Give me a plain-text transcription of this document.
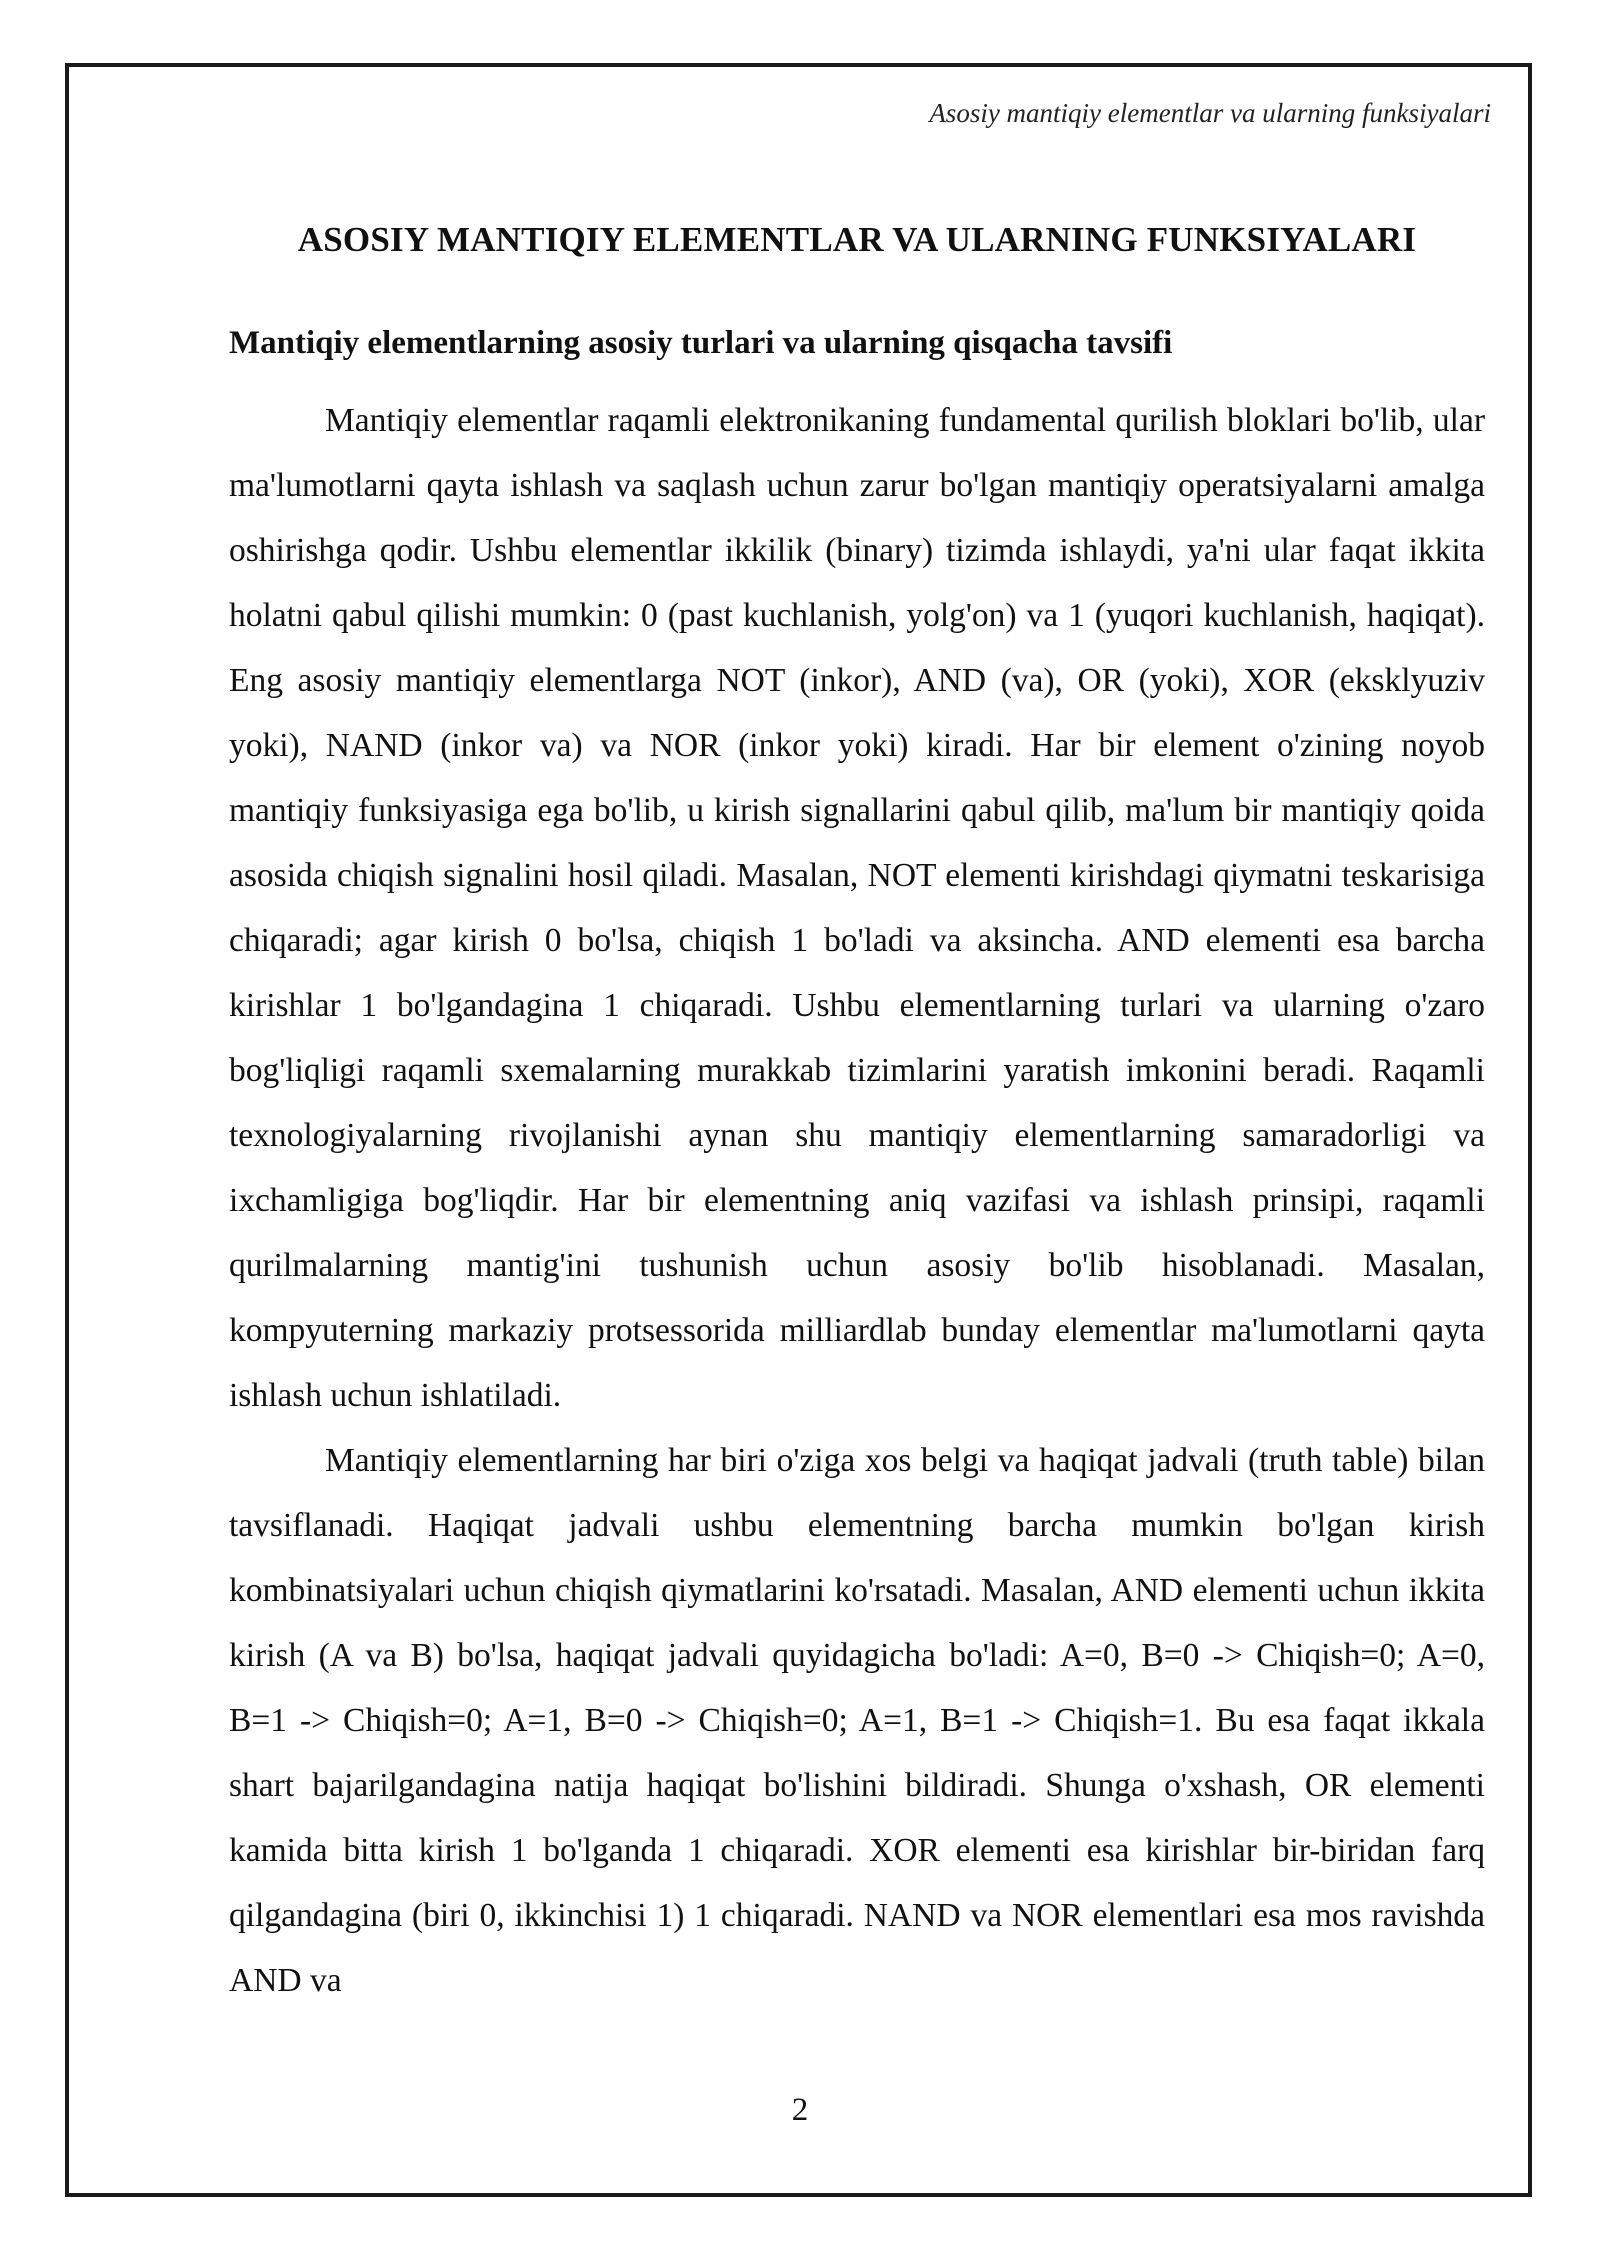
Asosiy mantiqiy elementlar va ularning funksiyalari
ASOSIY MANTIQIY ELEMENTLAR VA ULARNING FUNKSIYALARI
Mantiqiy elementlarning asosiy turlari va ularning qisqacha tavsifi

Mantiqiy elementlar raqamli elektronikaning fundamental qurilish bloklari bo'lib, ular ma'lumotlarni qayta ishlash va saqlash uchun zarur bo'lgan mantiqiy operatsiyalarni amalga oshirishga qodir. Ushbu elementlar ikkilik (binary) tizimda ishlaydi, ya'ni ular faqat ikkita holatni qabul qilishi mumkin: 0 (past kuchlanish, yolg'on) va 1 (yuqori kuchlanish, haqiqat). Eng asosiy mantiqiy elementlarga NOT (inkor), AND (va), OR (yoki), XOR (eksklyuziv yoki), NAND (inkor va) va NOR (inkor yoki) kiradi. Har bir element o'zining noyob mantiqiy funksiyasiga ega bo'lib, u kirish signallarini qabul qilib, ma'lum bir mantiqiy qoida asosida chiqish signalini hosil qiladi. Masalan, NOT elementi kirishdagi qiymatni teskarisiga chiqaradi; agar kirish 0 bo'lsa, chiqish 1 bo'ladi va aksincha. AND elementi esa barcha kirishlar 1 bo'lgandagina 1 chiqaradi. Ushbu elementlarning turlari va ularning o'zaro bog'liqligi raqamli sxemalarning murakkab tizimlarini yaratish imkonini beradi. Raqamli texnologiyalarning rivojlanishi aynan shu mantiqiy elementlarning samaradorligi va ixchamligiga bog'liqdir. Har bir elementning aniq vazifasi va ishlash prinsipi, raqamli qurilmalarning mantig'ini tushunish uchun asosiy bo'lib hisoblanadi. Masalan, kompyuterning markaziy protsessorida milliardlab bunday elementlar ma'lumotlarni qayta ishlash uchun ishlatiladi.

Mantiqiy elementlarning har biri o'ziga xos belgi va haqiqat jadvali (truth table) bilan tavsiflanadi. Haqiqat jadvali ushbu elementning barcha mumkin bo'lgan kirish kombinatsiyalari uchun chiqish qiymatlarini ko'rsatadi. Masalan, AND elementi uchun ikkita kirish (A va B) bo'lsa, haqiqat jadvali quyidagicha bo'ladi: A=0, B=0 -> Chiqish=0; A=0, B=1 -> Chiqish=0; A=1, B=0 -> Chiqish=0; A=1, B=1 -> Chiqish=1. Bu esa faqat ikkala shart bajarilgandagina natija haqiqat bo'lishini bildiradi. Shunga o'xshash, OR elementi kamida bitta kirish 1 bo'lganda 1 chiqaradi. XOR elementi esa kirishlar bir-biridan farq qilgandagina (biri 0, ikkinchisi 1) 1 chiqaradi. NAND va NOR elementlari esa mos ravishda AND va

2
